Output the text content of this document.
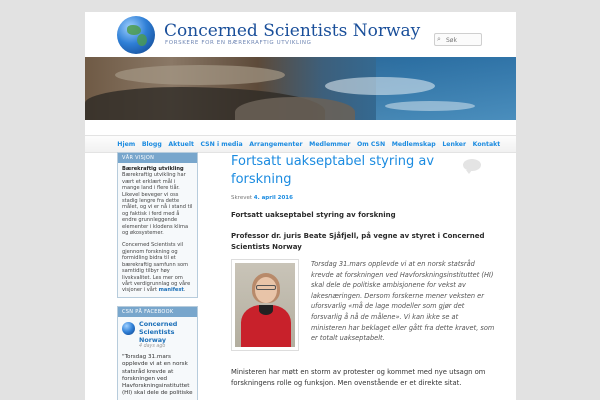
Concerned Scientists Norway
FORSKERE FOR EN BÆREKRAFTIG UTVIKLING	⌕
Søk
Hjem	Blogg	Aktuelt	CSN i media	Arrangementer	Medlemmer	Om CSN	Medlemskap	Lenker	Kontakt
VÅR VISJON
Bærekraftig utvikling
Bærekraftig utvikling har vært et erklært mål i mange land i flere tiår. Likevel beveger vi oss stadig lengre fra dette målet, og vi er nå i stand til og faktisk i ferd med å endre grunnleggende elementer i klodens klima og økosystemer.
Concerned Scientists vil gjennom forskning og formidling bidra til et bærekraftig samfunn som samtidig tilbyr høy livskvalitet. Les mer om vårt verdigrunnlag og våre visjoner i vårt manifest.
CSN PÅ FACEBOOK
Concerned Scientists Norway
4 days ago
"Torsdag 31.mars opplevde vi at en norsk statsråd krevde at forskningen ved Havforskningsinstituttet (HI) skal dele de politiske
Fortsatt uakseptabel styring av forskning
Skrevet 4. april 2016
Fortsatt uakseptabel styring av forskning
Professor dr. juris Beate Sjåfjell, på vegne av styret i Concerned Scientists Norway
Torsdag 31.mars opplevde vi at en norsk statsråd krevde at forskningen ved Havforskningsinstituttet (HI) skal dele de politiske ambisjonene for vekst av lakesnæringen. Dersom forskerne mener veksten er uforsvarlig «må de lage modeller som gjør det forsvarlig å nå de målene». Vi kan ikke se at ministeren har beklaget eller gått fra dette kravet, som er totalt uakseptabelt.
Ministeren har møtt en storm av protester og kommet med nye utsagn om forskningens rolle og funksjon. Men ovenstående er et direkte sitat.
